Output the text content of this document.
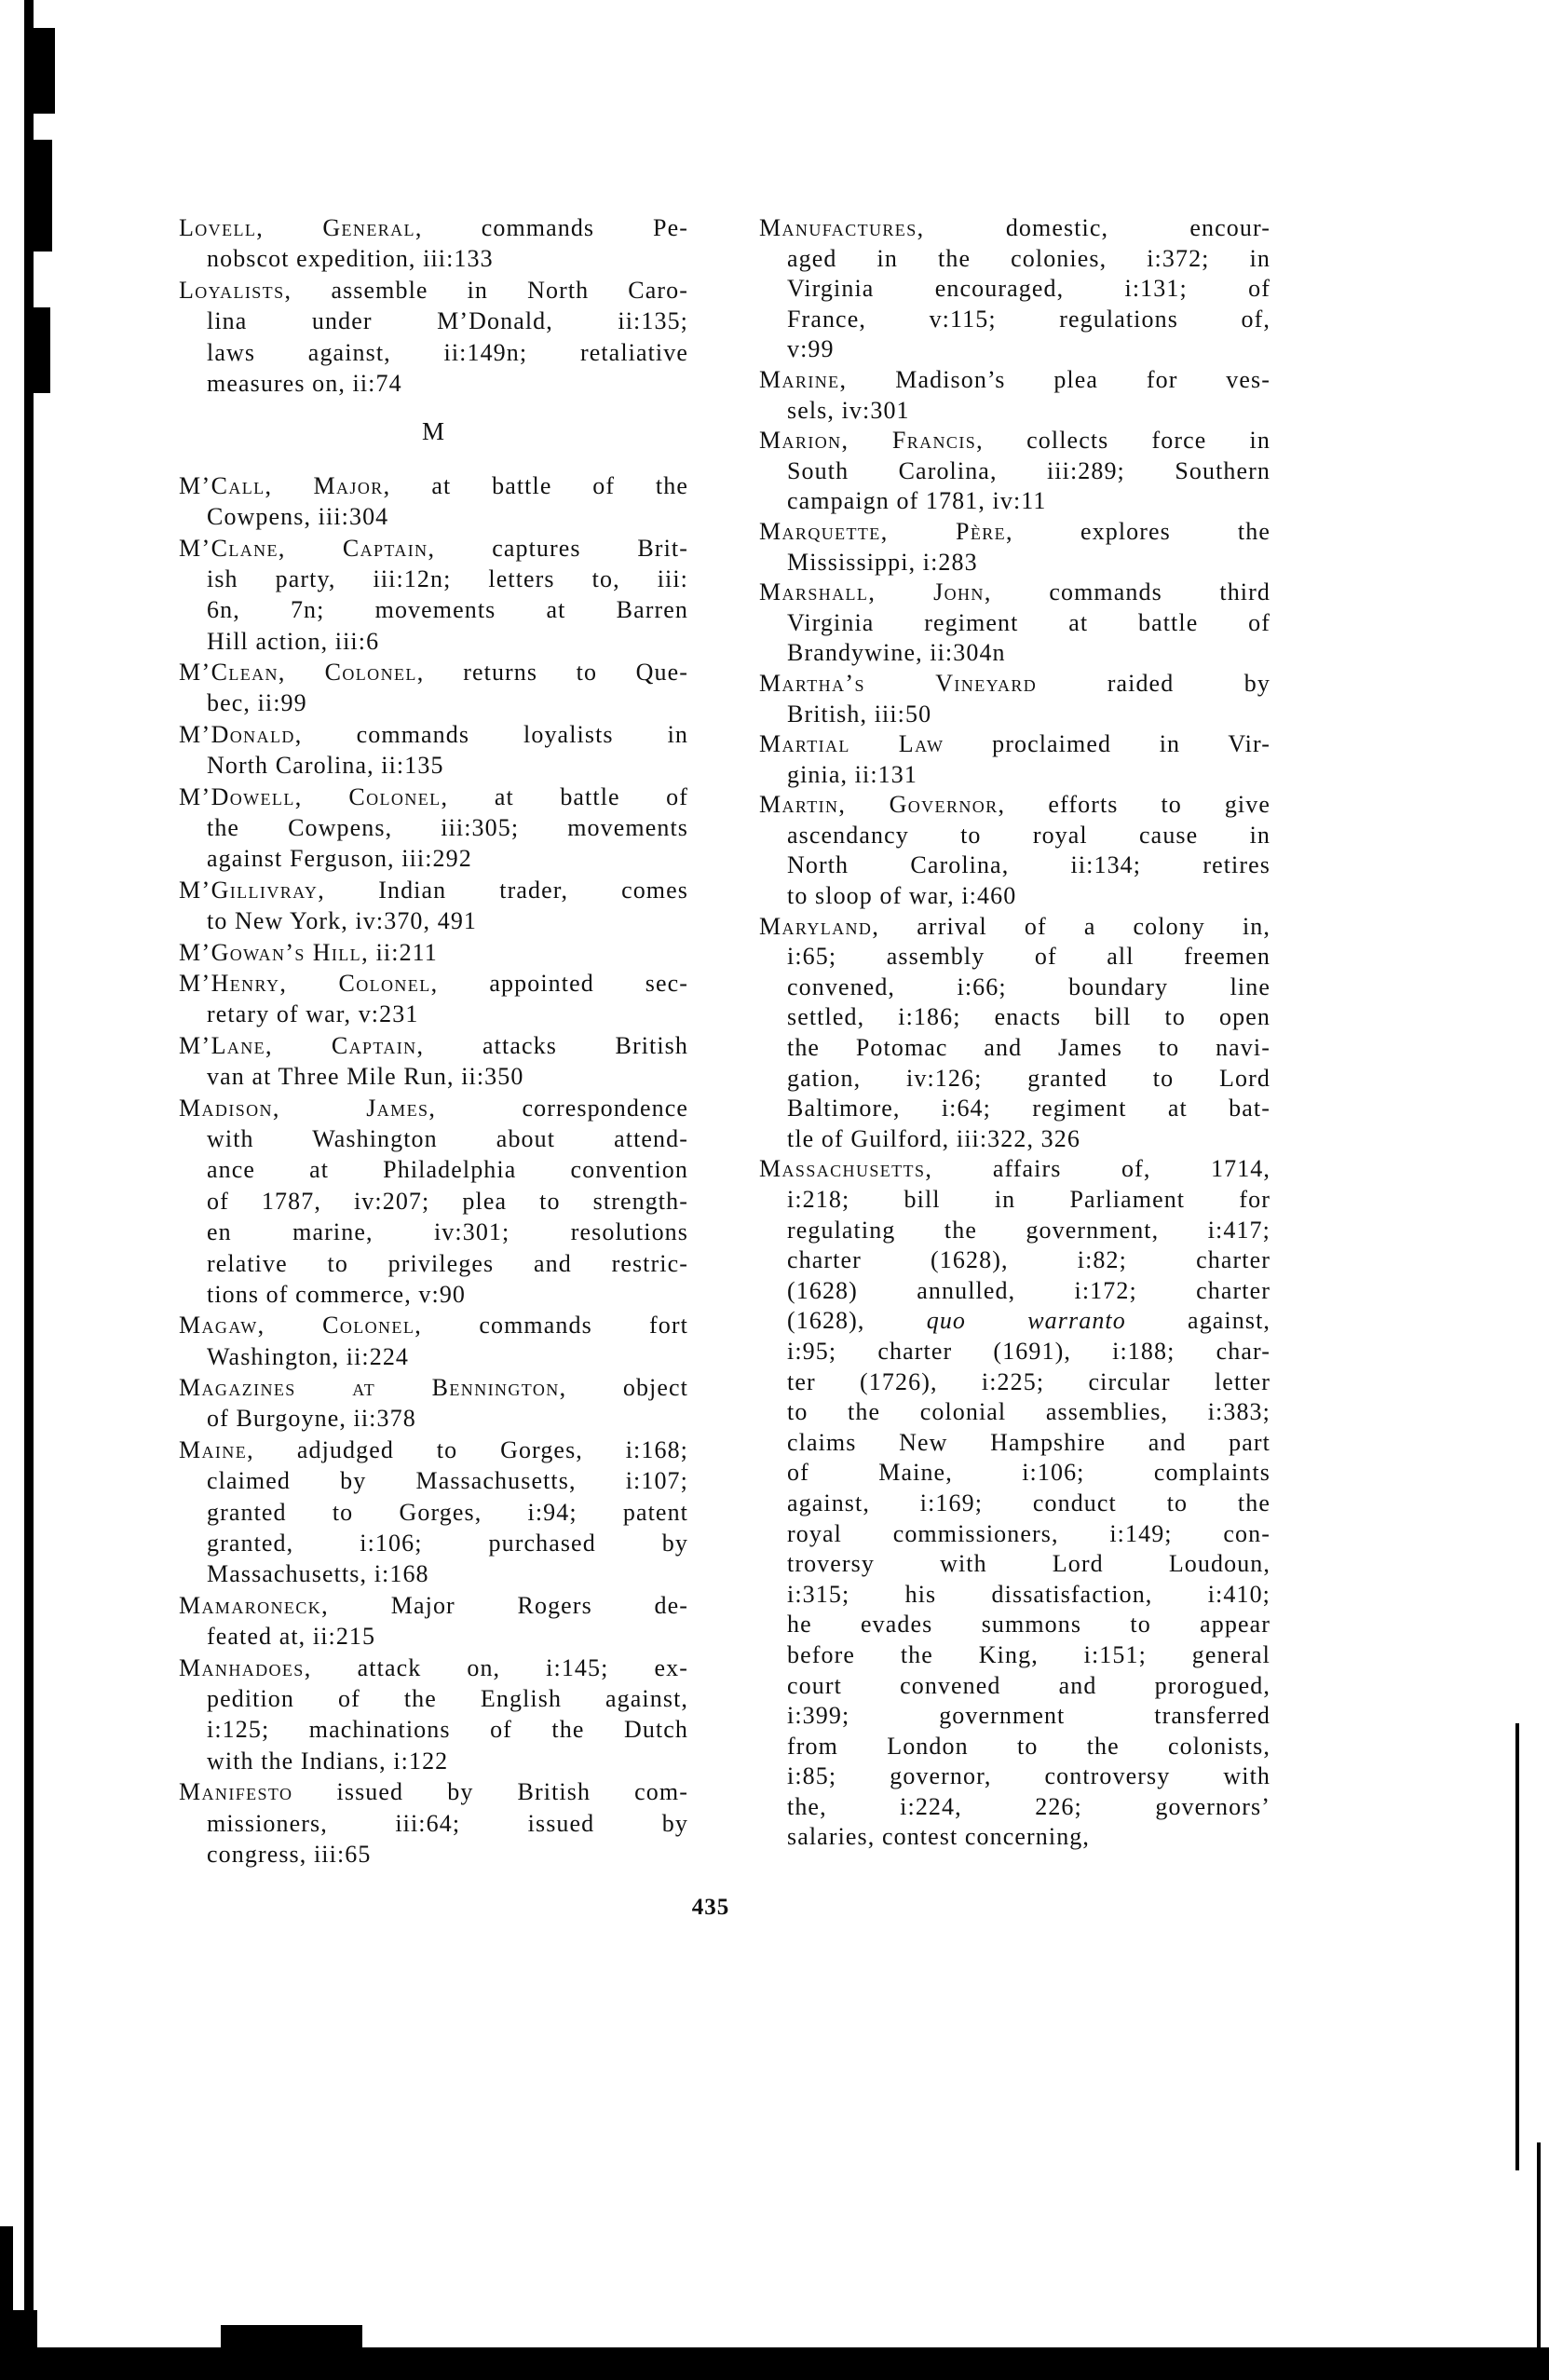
Lovell, General, commands Pe-
nobscot expedition, iii:133
Loyalists, assemble in North Caro-
lina under M’Donald, ii:135;
laws against, ii:149n; retaliative
measures on, ii:74
M
M’Call, Major, at battle of the
Cowpens, iii:304
M’Clane, Captain, captures Brit-
ish party, iii:12n; letters to, iii:
6n, 7n; movements at Barren
Hill action, iii:6
M’Clean, Colonel, returns to Que-
bec, ii:99
M’Donald, commands loyalists in
North Carolina, ii:135
M’Dowell, Colonel, at battle of
the Cowpens, iii:305; movements
against Ferguson, iii:292
M’Gillivray, Indian trader, comes
to New York, iv:370, 491
M’Gowan’s Hill, ii:211
M’Henry, Colonel, appointed sec-
retary of war, v:231
M’Lane, Captain, attacks British
van at Three Mile Run, ii:350
Madison, James,	correspondence
with Washington about attend-
ance at Philadelphia convention
of 1787, iv:207; plea to strength-
en marine, iv:301; resolutions
relative to privileges and restric-
tions of commerce, v:90
Magaw, Colonel, commands fort
Washington, ii:224
Magazines at Bennington, object
of Burgoyne, ii:378
Maine, adjudged to Gorges, i:168;
claimed by Massachusetts, i:107;
granted to Gorges, i:94; patent
granted, i:106; purchased by
Massachusetts, i:168
Mamaroneck,	Major Rogers de-
feated at, ii:215
Manhadoes, attack on, i:145; ex-
pedition of the English against,
i:125; machinations of the Dutch
with the Indians, i:122
Manifesto issued by British com-
missioners, iii:64; issued by
congress, iii:65
Manufactures,	domestic, encour-
aged in the colonies, i:372; in
Virginia encouraged, i:131; of
France, v:115; regulations of,
v:99
Marine, Madison’s plea for ves-
sels, iv:301
Marion, Francis, collects force in
South Carolina, iii:289; Southern
campaign of 1781, iv:11
Marquette, Père,	explores the
Mississippi, i:283
Marshall, John, commands third
Virginia regiment at battle of
Brandywine, ii:304n
Martha’s Vineyard	raided by
British, iii:50
Martial Law proclaimed in Vir-
ginia, ii:131
Martin, Governor, efforts to give
ascendancy to royal cause in
North Carolina, ii:134; retires
to sloop of war, i:460
Maryland, arrival of a colony in,
i:65; assembly of all freemen
convened, i:66; boundary line
settled, i:186; enacts bill to open
the Potomac and James to navi-
gation, iv:126; granted to Lord
Baltimore, i:64; regiment at bat-
tle of Guilford, iii:322, 326
Massachusetts, affairs of, 1714,
i:218; bill in Parliament for
regulating the government, i:417;
charter (1628), i:82; charter
(1628) annulled, i:172; charter
(1628), quo warranto against,
i:95; charter (1691), i:188; char-
ter (1726), i:225; circular letter
to the colonial assemblies, i:383;
claims New Hampshire and part
of Maine, i:106; complaints
against, i:169; conduct to the
royal commissioners, i:149; con-
troversy with Lord Loudoun,
i:315; his dissatisfaction, i:410;
he evades summons to appear
before the King, i:151; general
court convened and prorogued,
i:399; government transferred
from London to the colonists,
i:85; governor, controversy with
the, i:224, 226; governors’
salaries, contest concerning,
435
